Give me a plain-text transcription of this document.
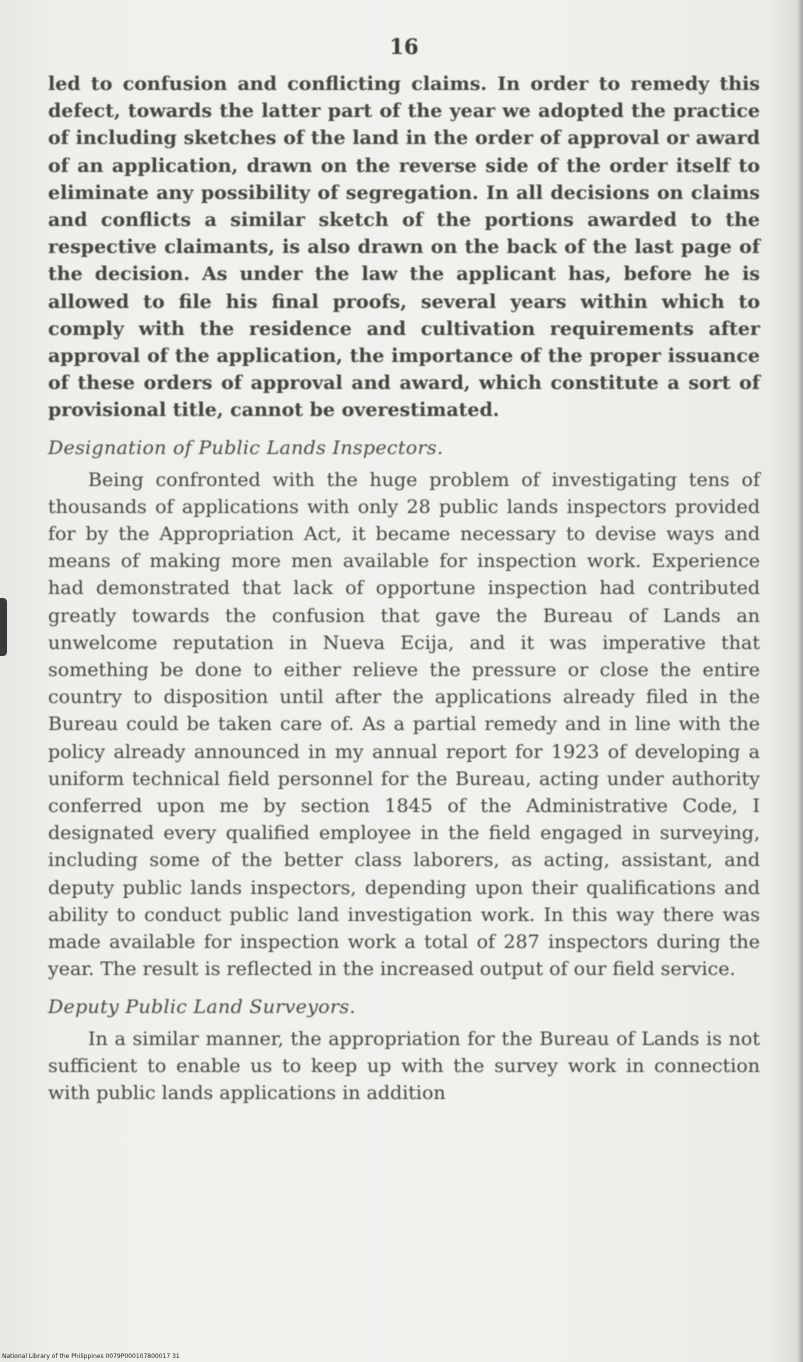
16

led to confusion and conflicting claims. In order to remedy this defect, towards the latter part of the year we adopted the practice of including sketches of the land in the order of approval or award of an application, drawn on the reverse side of the order itself to eliminate any possibility of segregation. In all decisions on claims and conflicts a similar sketch of the portions awarded to the respective claimants, is also drawn on the back of the last page of the decision. As under the law the applicant has, before he is allowed to file his final proofs, several years within which to comply with the residence and cultivation requirements after approval of the application, the importance of the proper issuance of these orders of approval and award, which constitute a sort of provisional title, cannot be overestimated.

Designation of Public Lands Inspectors.

Being confronted with the huge problem of investigating tens of thousands of applications with only 28 public lands inspectors provided for by the Appropriation Act, it became necessary to devise ways and means of making more men available for inspection work. Experience had demonstrated that lack of opportune inspection had contributed greatly towards the confusion that gave the Bureau of Lands an unwelcome reputation in Nueva Ecija, and it was imperative that something be done to either relieve the pressure or close the entire country to disposition until after the applications already filed in the Bureau could be taken care of. As a partial remedy and in line with the policy already announced in my annual report for 1923 of developing a uniform technical field personnel for the Bureau, acting under authority conferred upon me by section 1845 of the Administrative Code, I designated every qualified employee in the field engaged in surveying, including some of the better class laborers, as acting, assistant, and deputy public lands inspectors, depending upon their qualifications and ability to conduct public land investigation work. In this way there was made available for inspection work a total of 287 inspectors during the year. The result is reflected in the increased output of our field service.

Deputy Public Land Surveyors.

In a similar manner, the appropriation for the Bureau of Lands is not sufficient to enable us to keep up with the survey work in connection with public lands applications in addition

National Library of the Philippines 0079P000107800017 31
